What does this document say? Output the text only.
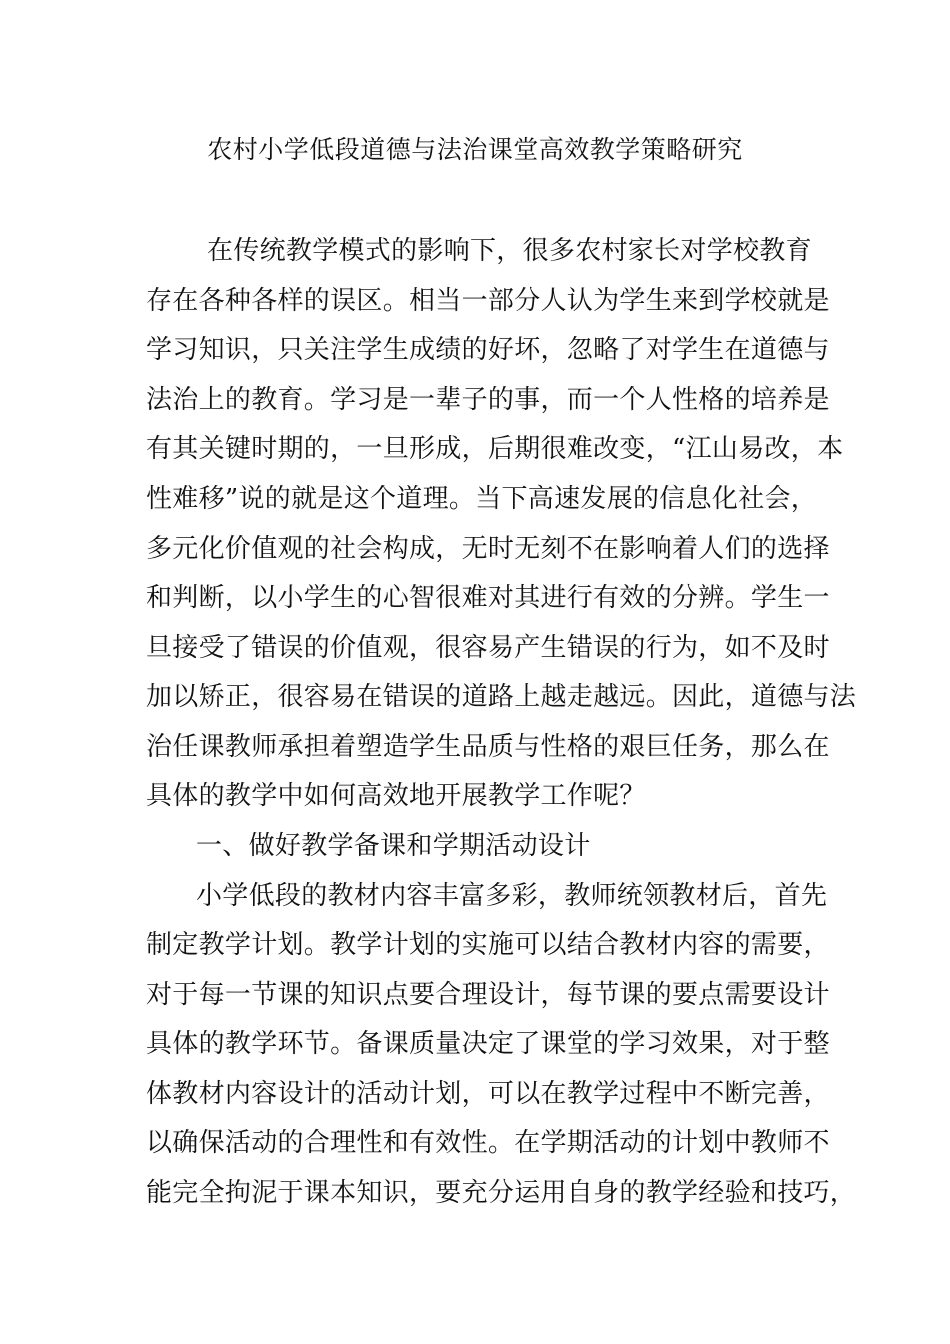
农村小学低段道德与法治课堂高效教学策略研究
在传统教学模式的影响下，很多农村家长对学校教育
存在各种各样的误区。相当一部分人认为学生来到学校就是
学习知识，只关注学生成绩的好坏，忽略了对学生在道德与
法治上的教育。学习是一辈子的事，而一个人性格的培养是
有其关键时期的，一旦形成，后期很难改变，“江山易改，本
性难移”说的就是这个道理。当下高速发展的信息化社会，
多元化价值观的社会构成，无时无刻不在影响着人们的选择
和判断，以小学生的心智很难对其进行有效的分辨。学生一
旦接受了错误的价值观，很容易产生错误的行为，如不及时
加以矫正，很容易在错误的道路上越走越远。因此，道德与法
治任课教师承担着塑造学生品质与性格的艰巨任务，那么在
具体的教学中如何高效地开展教学工作呢？
一、做好教学备课和学期活动设计
小学低段的教材内容丰富多彩，教师统领教材后，首先
制定教学计划。教学计划的实施可以结合教材内容的需要，
对于每一节课的知识点要合理设计，每节课的要点需要设计
具体的教学环节。备课质量决定了课堂的学习效果，对于整
体教材内容设计的活动计划，可以在教学过程中不断完善，
以确保活动的合理性和有效性。在学期活动的计划中教师不
能完全拘泥于课本知识，要充分运用自身的教学经验和技巧，
